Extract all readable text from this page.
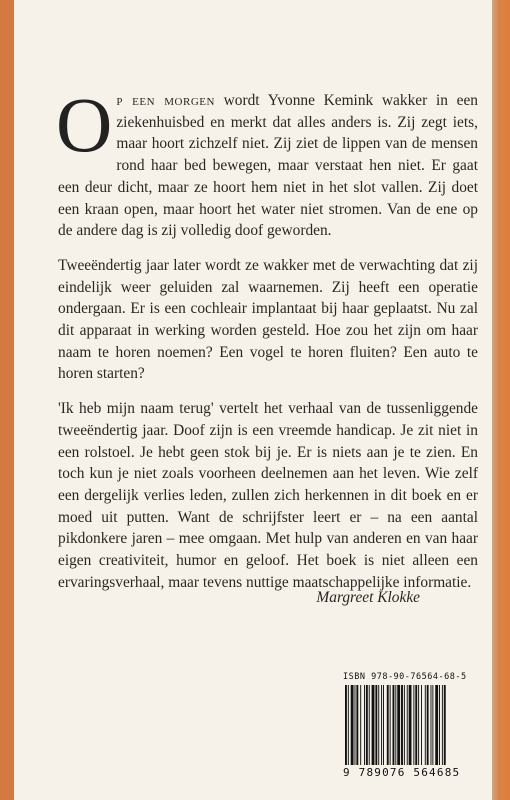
Op een morgen wordt Yvonne Kemink wakker in een ziekenhuisbed en merkt dat alles anders is. Zij zegt iets, maar hoort zichzelf niet. Zij ziet de lippen van de mensen rond haar bed bewegen, maar verstaat hen niet. Er gaat een deur dicht, maar ze hoort hem niet in het slot vallen. Zij doet een kraan open, maar hoort het water niet stromen. Van de ene op de andere dag is zij volledig doof geworden.

Tweeëndertig jaar later wordt ze wakker met de verwachting dat zij eindelijk weer geluiden zal waarnemen. Zij heeft een operatie ondergaan. Er is een cochleair implantaat bij haar geplaatst. Nu zal dit apparaat in werking worden gesteld. Hoe zou het zijn om haar naam te horen noemen? Een vogel te horen fluiten? Een auto te horen starten?

'Ik heb mijn naam terug' vertelt het verhaal van de tussenliggende tweeëndertig jaar. Doof zijn is een vreemde handicap. Je zit niet in een rolstoel. Je hebt geen stok bij je. Er is niets aan je te zien. En toch kun je niet zoals voorheen deelnemen aan het leven. Wie zelf een dergelijk verlies leden, zullen zich herkennen in dit boek en er moed uit putten. Want de schrijfster leert er – na een aantal pikdonkere jaren – mee omgaan. Met hulp van anderen en van haar eigen creativiteit, humor en geloof. Het boek is niet alleen een ervaringsverhaal, maar tevens nuttige maatschappelijke informatie.

Margreet Klokke
ISBN 978-90-76564-68-5
9 789076 564685
